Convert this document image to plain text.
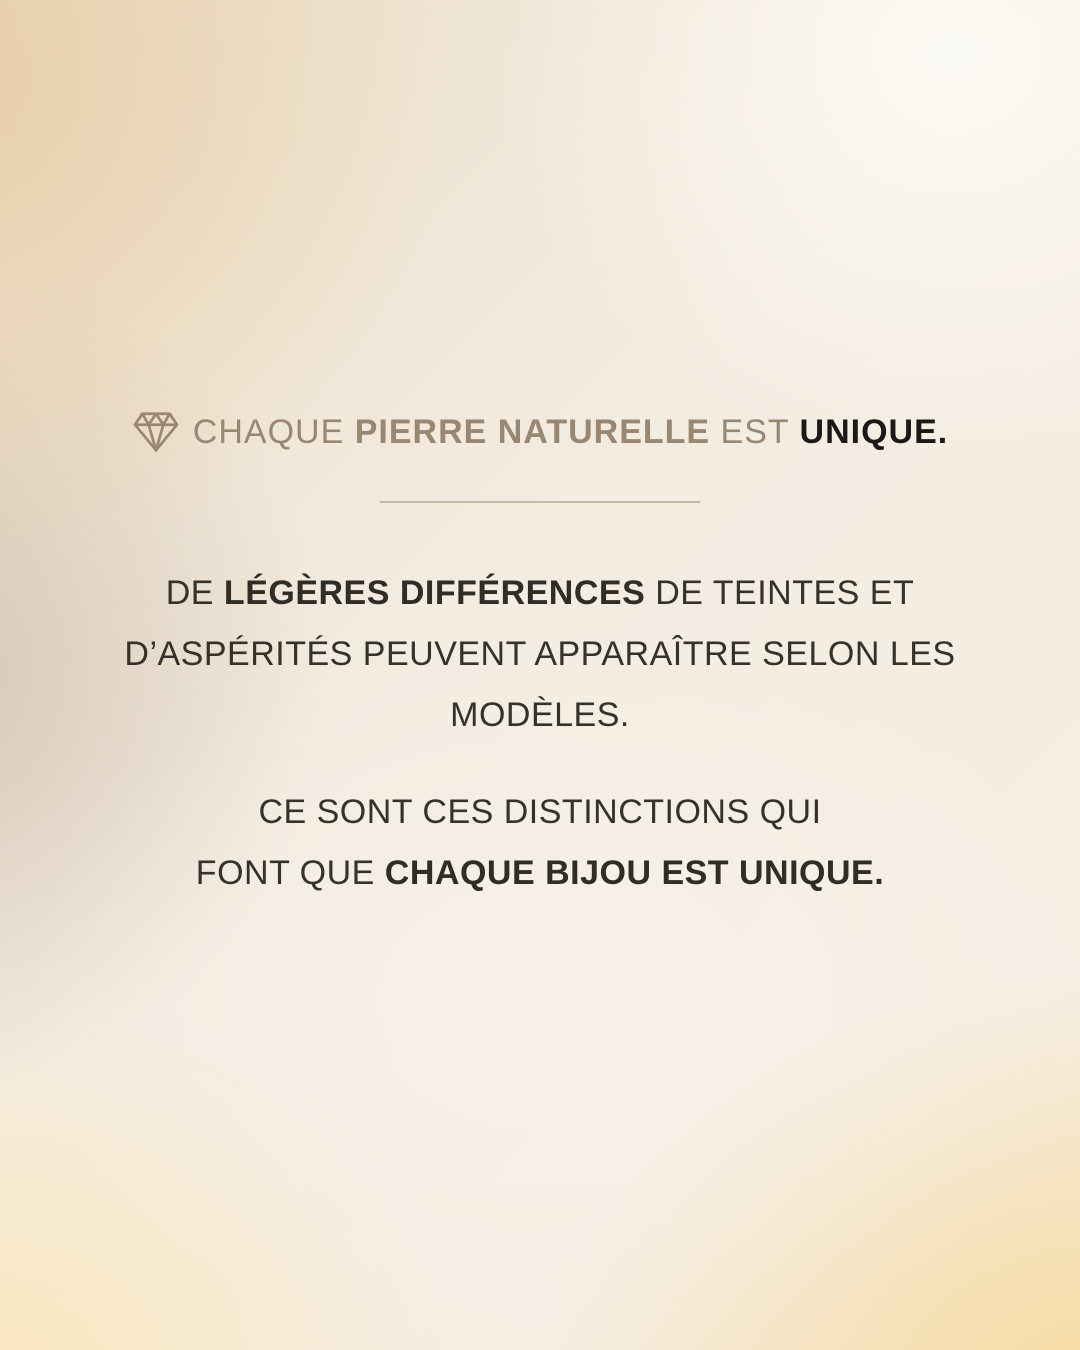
CHAQUE PIERRE NATURELLE EST UNIQUE.
DE LÉGÈRES DIFFÉRENCES DE TEINTES ET
D’ASPÉRITÉS PEUVENT APPARAÎTRE SELON LES
MODÈLES.
CE SONT CES DISTINCTIONS QUI
FONT QUE CHAQUE BIJOU EST UNIQUE.
